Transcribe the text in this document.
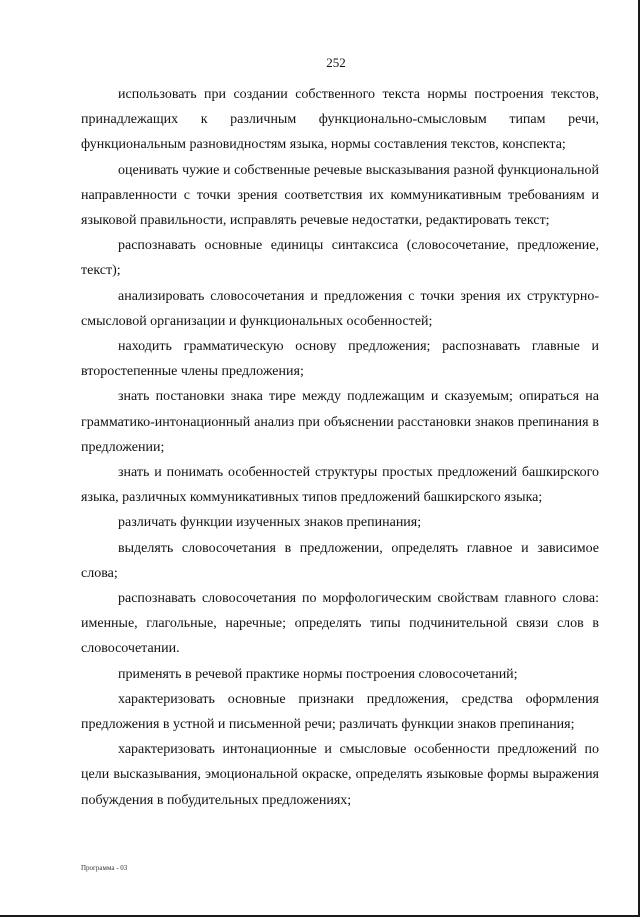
252

использовать при создании собственного текста нормы построения текстов, принадлежащих к различным функционально-смысловым типам речи, функциональным разновидностям языка, нормы составления текстов, конспекта;

оценивать чужие и собственные речевые высказывания разной функциональной направленности с точки зрения соответствия их коммуникативным требованиям и языковой правильности, исправлять речевые недостатки, редактировать текст;

распознавать основные единицы синтаксиса (словосочетание, предложение, текст);

анализировать словосочетания и предложения с точки зрения их структурно-смысловой организации и функциональных особенностей;

находить грамматическую основу предложения; распознавать главные и второстепенные члены предложения;

знать постановки знака тире между подлежащим и сказуемым; опираться на грамматико-интонационный анализ при объяснении расстановки знаков препинания в предложении;

знать и понимать особенностей структуры простых предложений башкирского языка, различных коммуникативных типов предложений башкирского языка;

различать функции изученных знаков препинания;

выделять словосочетания в предложении, определять главное и зависимое слова;

распознавать словосочетания по морфологическим свойствам главного слова: именные, глагольные, наречные; определять типы подчинительной связи слов в словосочетании.

применять в речевой практике нормы построения словосочетаний;

характеризовать основные признаки предложения, средства оформления предложения в устной и письменной речи; различать функции знаков препинания;

характеризовать интонационные и смысловые особенности предложений по цели высказывания, эмоциональной окраске, определять языковые формы выражения побуждения в побудительных предложениях;

Программа - 03
